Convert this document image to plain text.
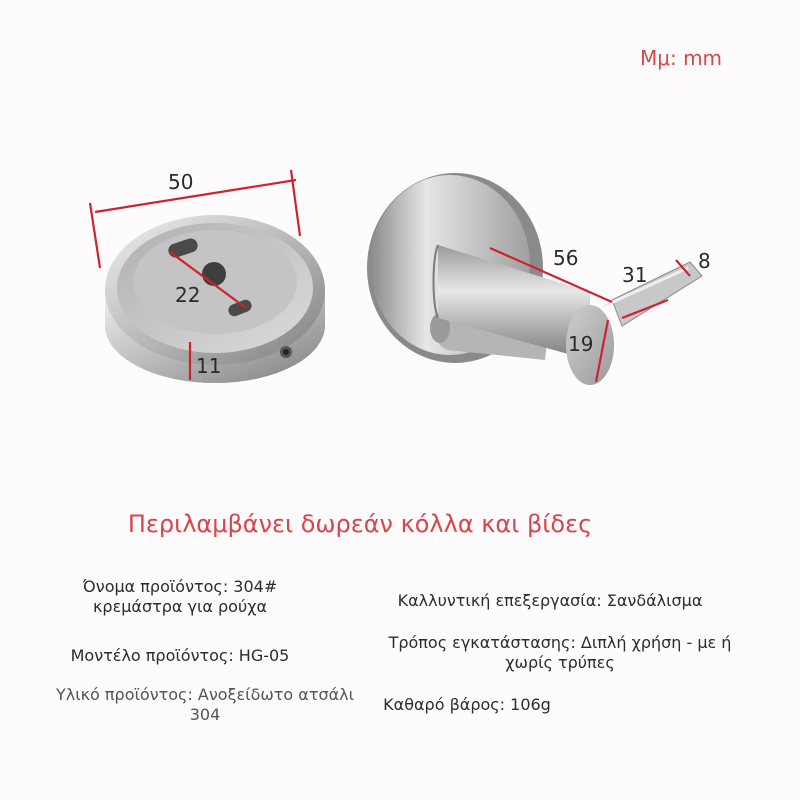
Μμ: mm
50
22
11
56
31
8
19
Περιλαμβάνει δωρεάν κόλλα και βίδες
Όνομα προϊόντος: 304# κρεμάστρα για ρούχα
Μοντέλο προϊόντος: HG-05
Υλικό προϊόντος: Ανοξείδωτο ατσάλι 304
Καλλυντική επεξεργασία: Σανδάλισμα
Τρόπος εγκατάστασης: Διπλή χρήση - με ή χωρίς τρύπες
Καθαρό βάρος: 106g
